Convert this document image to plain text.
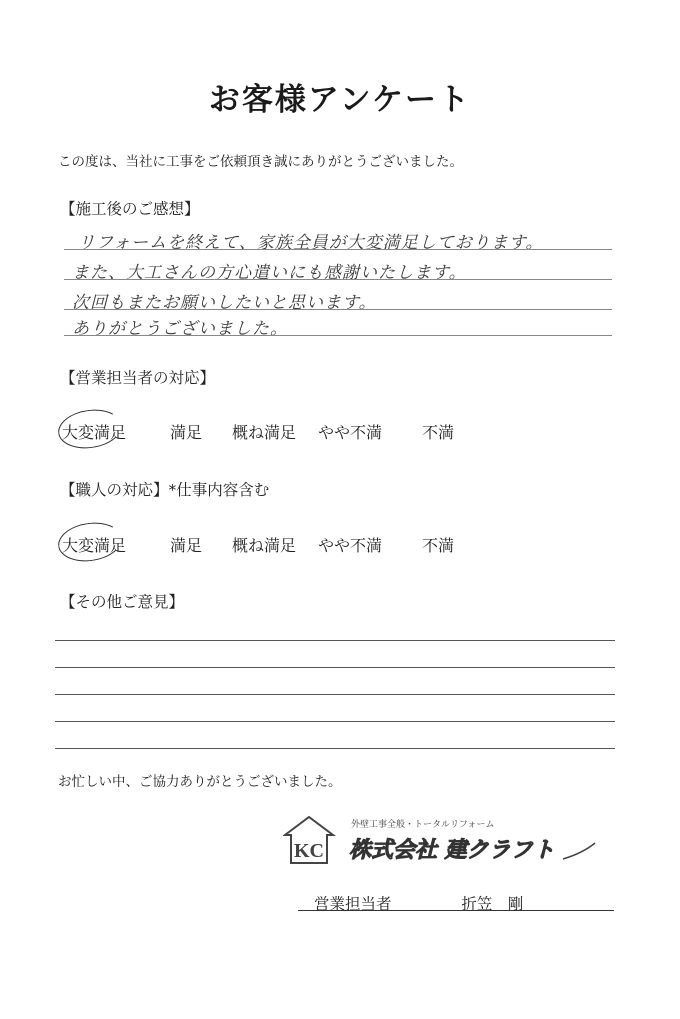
お客様アンケート
この度は、当社に工事をご依頼頂き誠にありがとうございました。
【施工後のご感想】
リフォームを終えて、家族全員が大変満足しております。
また、大工さんの方心遣いにも感謝いたします。
次回もまたお願いしたいと思います。
ありがとうございました。
【営業担当者の対応】
大変満足	満足 概ね満足 やや不満 不満
【職人の対応】*仕事内容含む
大変満足	満足 概ね満足 やや不満 不満
【その他ご意見】
お忙しい中、ご協力ありがとうございました。
KC
外壁工事全般・トータルリフォーム
株式会社 建クラフト
営業担当者	折笠　剛
